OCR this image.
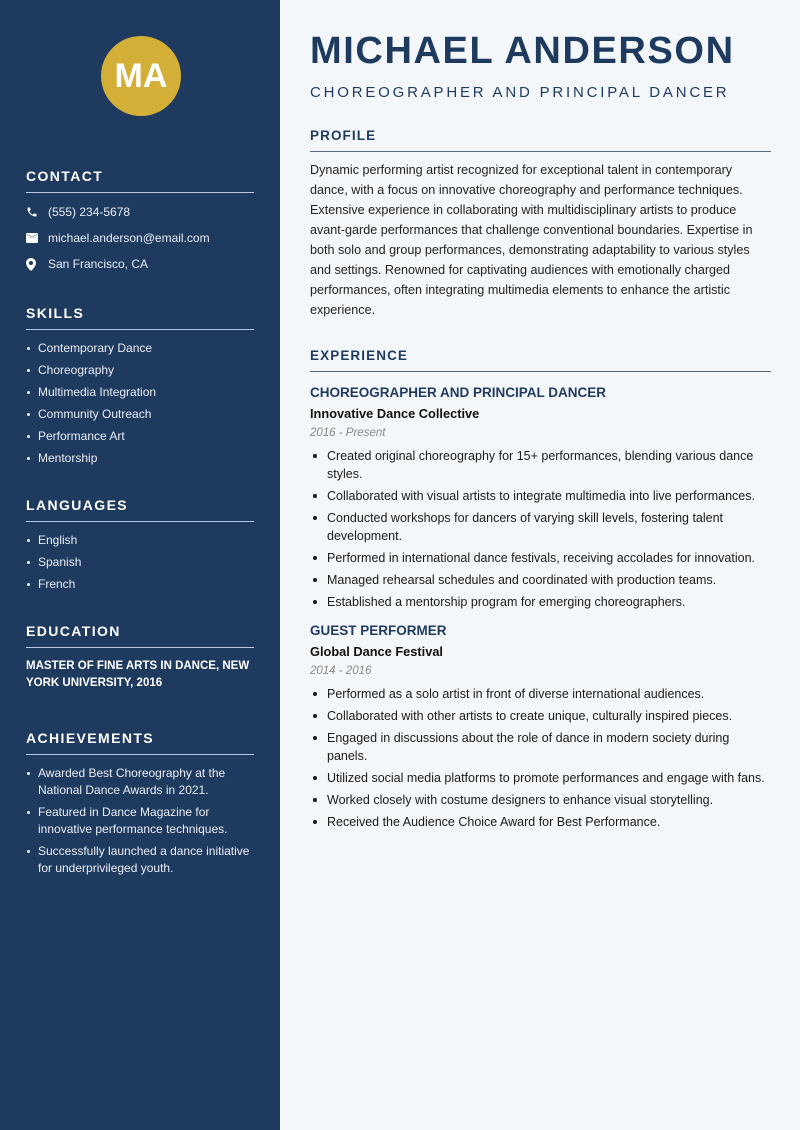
MA
CONTACT
(555) 234-5678
michael.anderson@email.com
San Francisco, CA
SKILLS
Contemporary Dance
Choreography
Multimedia Integration
Community Outreach
Performance Art
Mentorship
LANGUAGES
English
Spanish
French
EDUCATION
MASTER OF FINE ARTS IN DANCE, NEW YORK UNIVERSITY, 2016
ACHIEVEMENTS
Awarded Best Choreography at the National Dance Awards in 2021.
Featured in Dance Magazine for innovative performance techniques.
Successfully launched a dance initiative for underprivileged youth.
MICHAEL ANDERSON
CHOREOGRAPHER AND PRINCIPAL DANCER
PROFILE

Dynamic performing artist recognized for exceptional talent in contemporary dance, with a focus on innovative choreography and performance techniques. Extensive experience in collaborating with multidisciplinary artists to produce avant-garde performances that challenge conventional boundaries. Expertise in both solo and group performances, demonstrating adaptability to various styles and settings. Renowned for captivating audiences with emotionally charged performances, often integrating multimedia elements to enhance the artistic experience.

EXPERIENCE
CHOREOGRAPHER AND PRINCIPAL DANCER
Innovative Dance Collective
2016 - Present
Created original choreography for 15+ performances, blending various dance styles.
Collaborated with visual artists to integrate multimedia into live performances.
Conducted workshops for dancers of varying skill levels, fostering talent development.
Performed in international dance festivals, receiving accolades for innovation.
Managed rehearsal schedules and coordinated with production teams.
Established a mentorship program for emerging choreographers.
GUEST PERFORMER
Global Dance Festival
2014 - 2016
Performed as a solo artist in front of diverse international audiences.
Collaborated with other artists to create unique, culturally inspired pieces.
Engaged in discussions about the role of dance in modern society during panels.
Utilized social media platforms to promote performances and engage with fans.
Worked closely with costume designers to enhance visual storytelling.
Received the Audience Choice Award for Best Performance.
